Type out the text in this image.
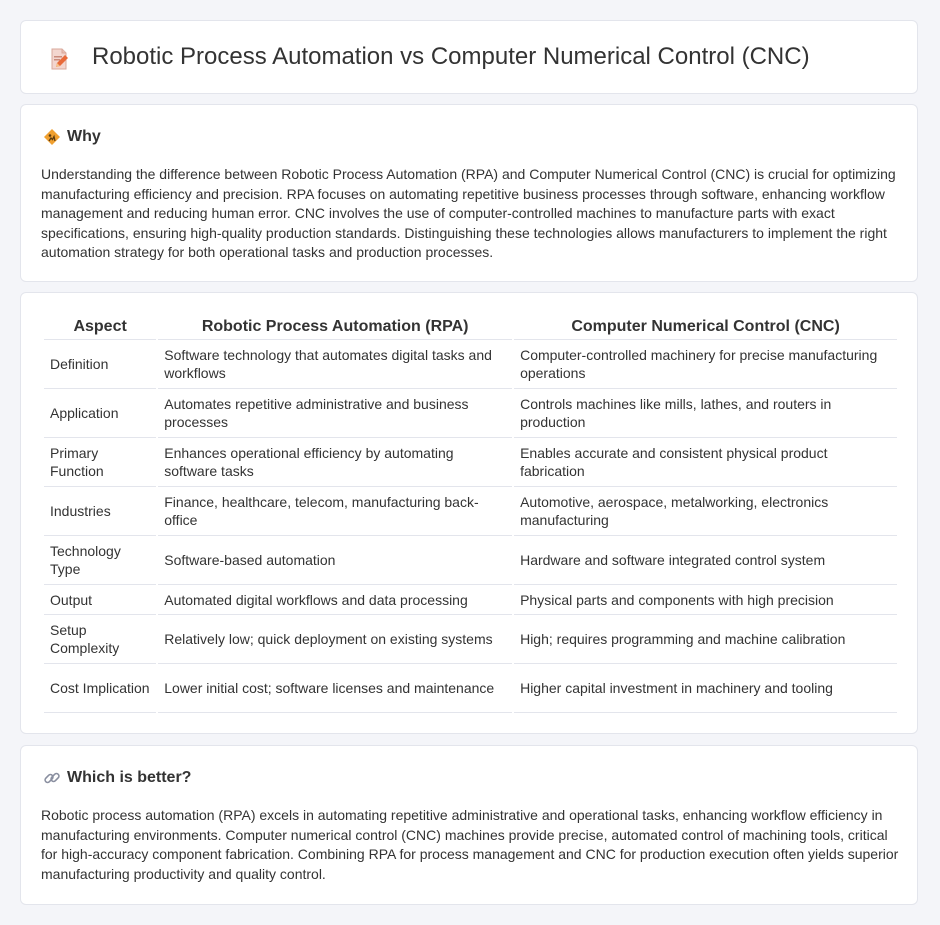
Robotic Process Automation vs Computer Numerical Control (CNC)
Why

Understanding the difference between Robotic Process Automation (RPA) and Computer Numerical Control (CNC) is crucial for optimizing manufacturing efficiency and precision. RPA focuses on automating repetitive business processes through software, enhancing workflow management and reducing human error. CNC involves the use of computer-controlled machines to manufacture parts with exact specifications, ensuring high-quality production standards. Distinguishing these technologies allows manufacturers to implement the right automation strategy for both operational tasks and production processes.

Aspect	Robotic Process Automation (RPA)	Computer Numerical Control (CNC)
Definition	Software technology that automates digital tasks and workflows	Computer-controlled machinery for precise manufacturing operations
Application	Automates repetitive administrative and business processes	Controls machines like mills, lathes, and routers in production
Primary Function	Enhances operational efficiency by automating software tasks	Enables accurate and consistent physical product fabrication
Industries	Finance, healthcare, telecom, manufacturing back-office	Automotive, aerospace, metalworking, electronics manufacturing
Technology Type	Software-based automation	Hardware and software integrated control system
Output	Automated digital workflows and data processing	Physical parts and components with high precision
Setup Complexity	Relatively low; quick deployment on existing systems	High; requires programming and machine calibration
Cost Implication	Lower initial cost; software licenses and maintenance	Higher capital investment in machinery and tooling
Which is better?

Robotic process automation (RPA) excels in automating repetitive administrative and operational tasks, enhancing workflow efficiency in manufacturing environments. Computer numerical control (CNC) machines provide precise, automated control of machining tools, critical for high-accuracy component fabrication. Combining RPA for process management and CNC for production execution often yields superior manufacturing productivity and quality control.
